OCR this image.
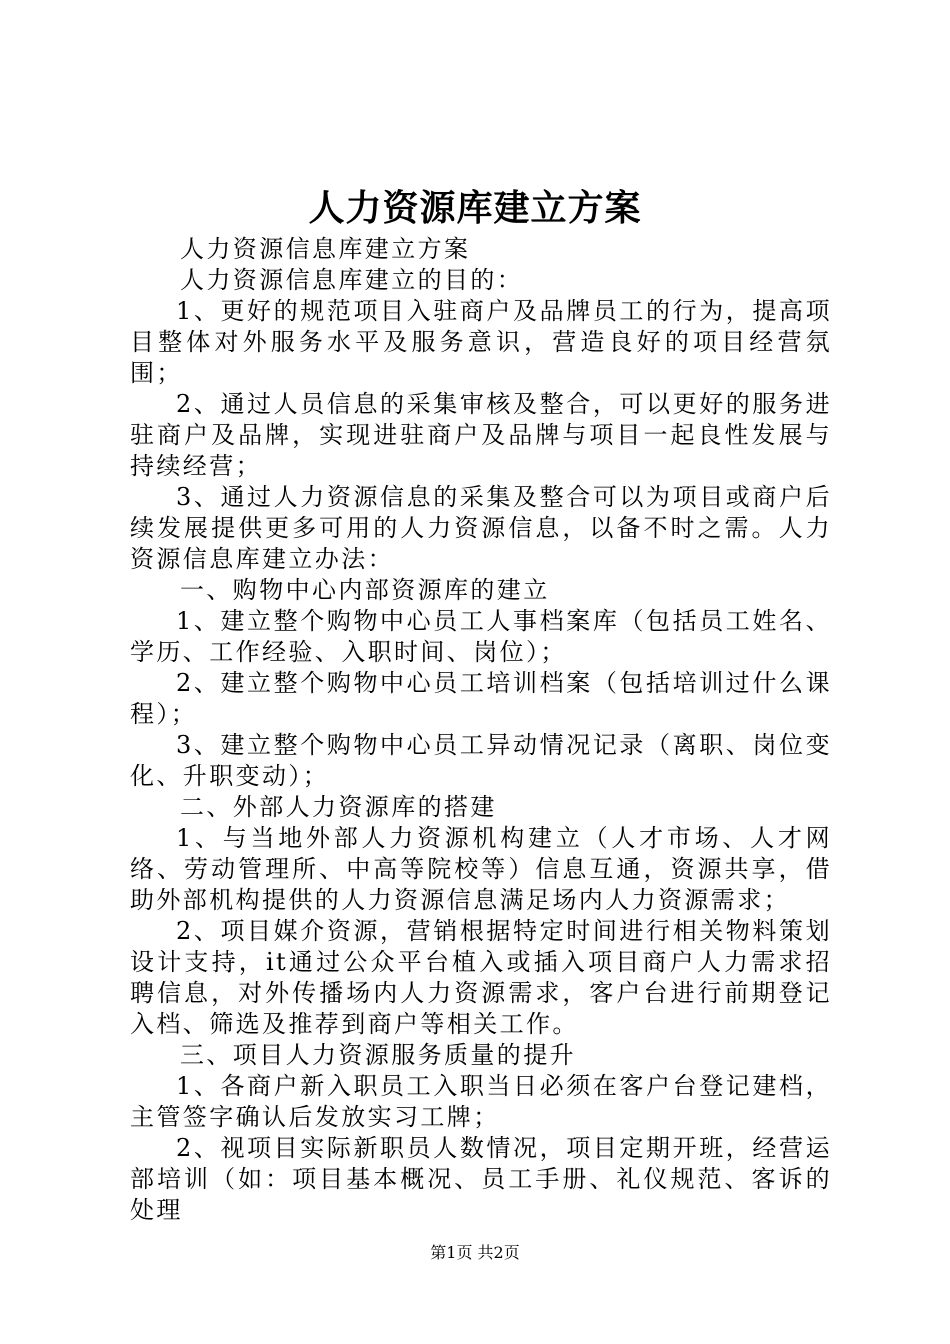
人力资源库建立方案

人力资源信息库建立方案

人力资源信息库建立的目的：

1、更好的规范项目入驻商户及品牌员工的行为，提高项目整体对外服务水平及服务意识，营造良好的项目经营氛围；

2、通过人员信息的采集审核及整合，可以更好的服务进驻商户及品牌，实现进驻商户及品牌与项目一起良性发展与持续经营；

3、通过人力资源信息的采集及整合可以为项目或商户后续发展提供更多可用的人力资源信息，以备不时之需。人力资源信息库建立办法：

一、购物中心内部资源库的建立

1、建立整个购物中心员工人事档案库（包括员工姓名、学历、工作经验、入职时间、岗位）；

2、建立整个购物中心员工培训档案（包括培训过什么课程）；

3、建立整个购物中心员工异动情况记录（离职、岗位变化、升职变动）；

二、外部人力资源库的搭建

1、与当地外部人力资源机构建立（人才市场、人才网络、劳动管理所、中高等院校等）信息互通，资源共享，借助外部机构提供的人力资源信息满足场内人力资源需求；

2、项目媒介资源，营销根据特定时间进行相关物料策划设计支持，it通过公众平台植入或插入项目商户人力需求招聘信息，对外传播场内人力资源需求，客户台进行前期登记入档、筛选及推荐到商户等相关工作。

三、项目人力资源服务质量的提升

1、各商户新入职员工入职当日必须在客户台登记建档，主管签字确认后发放实习工牌；

2、视项目实际新职员人数情况，项目定期开班，经营运部培训（如：项目基本概况、员工手册、礼仪规范、客诉的处理

第1页 共2页
